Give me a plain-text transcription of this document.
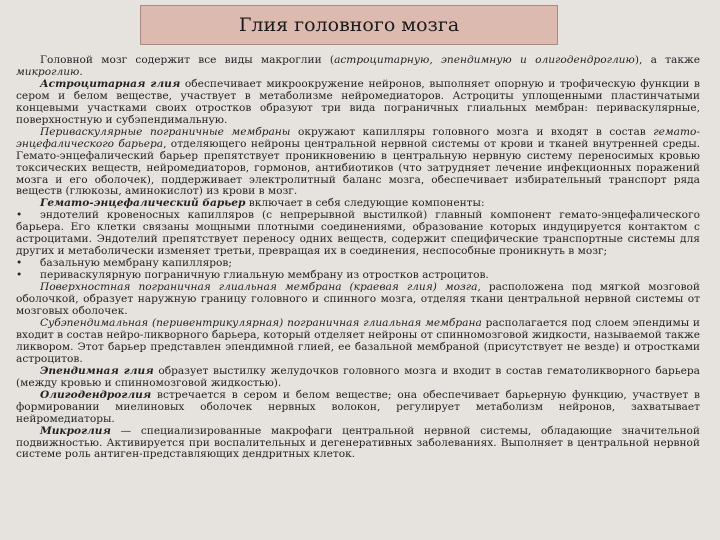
Глия головного мозга

Головной мозг содержит все виды макроглии (астроцитарную, эпендимную и олигодендроглию), а также микроглию.

Астроцитарная глия обеспечивает микроокружение нейронов, выполняет опорную и трофическую функции в сером и белом веществе, участвует в метаболизме нейромедиаторов. Астроциты уплощенными пластинчатыми концевыми участками своих отростков образуют три вида пограничных глиальных мембран: периваскулярные, поверхностную и субэпендимальную.

Периваскулярные пограничные мембраны окружают капилляры головного мозга и входят в состав гемато-энцефалического барьера, отделяющего нейроны центральной нервной системы от крови и тканей внутренней среды. Гемато-энцефалический барьер препятствует проникновению в центральную нервную систему переносимых кровью токсических веществ, нейромедиаторов, гормонов, антибиотиков (что затрудняет лечение инфекционных поражений мозга и его оболочек), поддерживает электролитный баланс мозга, обеспечивает избирательный транспорт ряда веществ (глюкозы, аминокислот) из крови в мозг.

Гемато-энцефалический барьер включает в себя следующие компоненты:

• эндотелий кровеносных капилляров (с непрерывной выстилкой) главный компонент гемато-энцефалического барьера. Его клетки связаны мощными плотными соединениями, образование которых индуцируется контактом с астроцитами. Эндотелий препятствует переносу одних веществ, содержит специфические транспортные системы для других и метаболически изменяет третьи, превращая их в соединения, неспособные проникнуть в мозг;

• базальную мембрану капилляров;

• периваскулярную пограничную глиальную мембрану из отростков астроцитов.

Поверхностная пограничная глиальная мембрана (краевая глия) мозга, расположена под мягкой мозговой оболочкой, образует наружную границу головного и спинного мозга, отделяя ткани центральной нервной системы от мозговых оболочек.

Субэпендимальная (перивентрикулярная) пограничная глиальная мембрана располагается под слоем эпендимы и входит в состав нейро-ликворного барьера, который отделяет нейроны от спинномозговой жидкости, называемой также ликвором. Этот барьер представлен эпендимной глией, ее базальной мембраной (присутствует не везде) и отростками астроцитов.

Эпендимная глия образует выстилку желудочков головного мозга и входит в состав гематоликворного барьера (между кровью и спинномозговой жидкостью).

Олигодендроглия встречается в сером и белом веществе; она обеспечивает барьерную функцию, участвует в формировании миелиновых оболочек нервных волокон, регулирует метаболизм нейронов, захватывает нейромедиаторы.

Микроглия — специализированные макрофаги центральной нервной системы, обладающие значительной подвижностью. Активируется при воспалительных и дегенеративных заболеваниях. Выполняет в центральной нервной системе роль антиген-представляющих дендритных клеток.
